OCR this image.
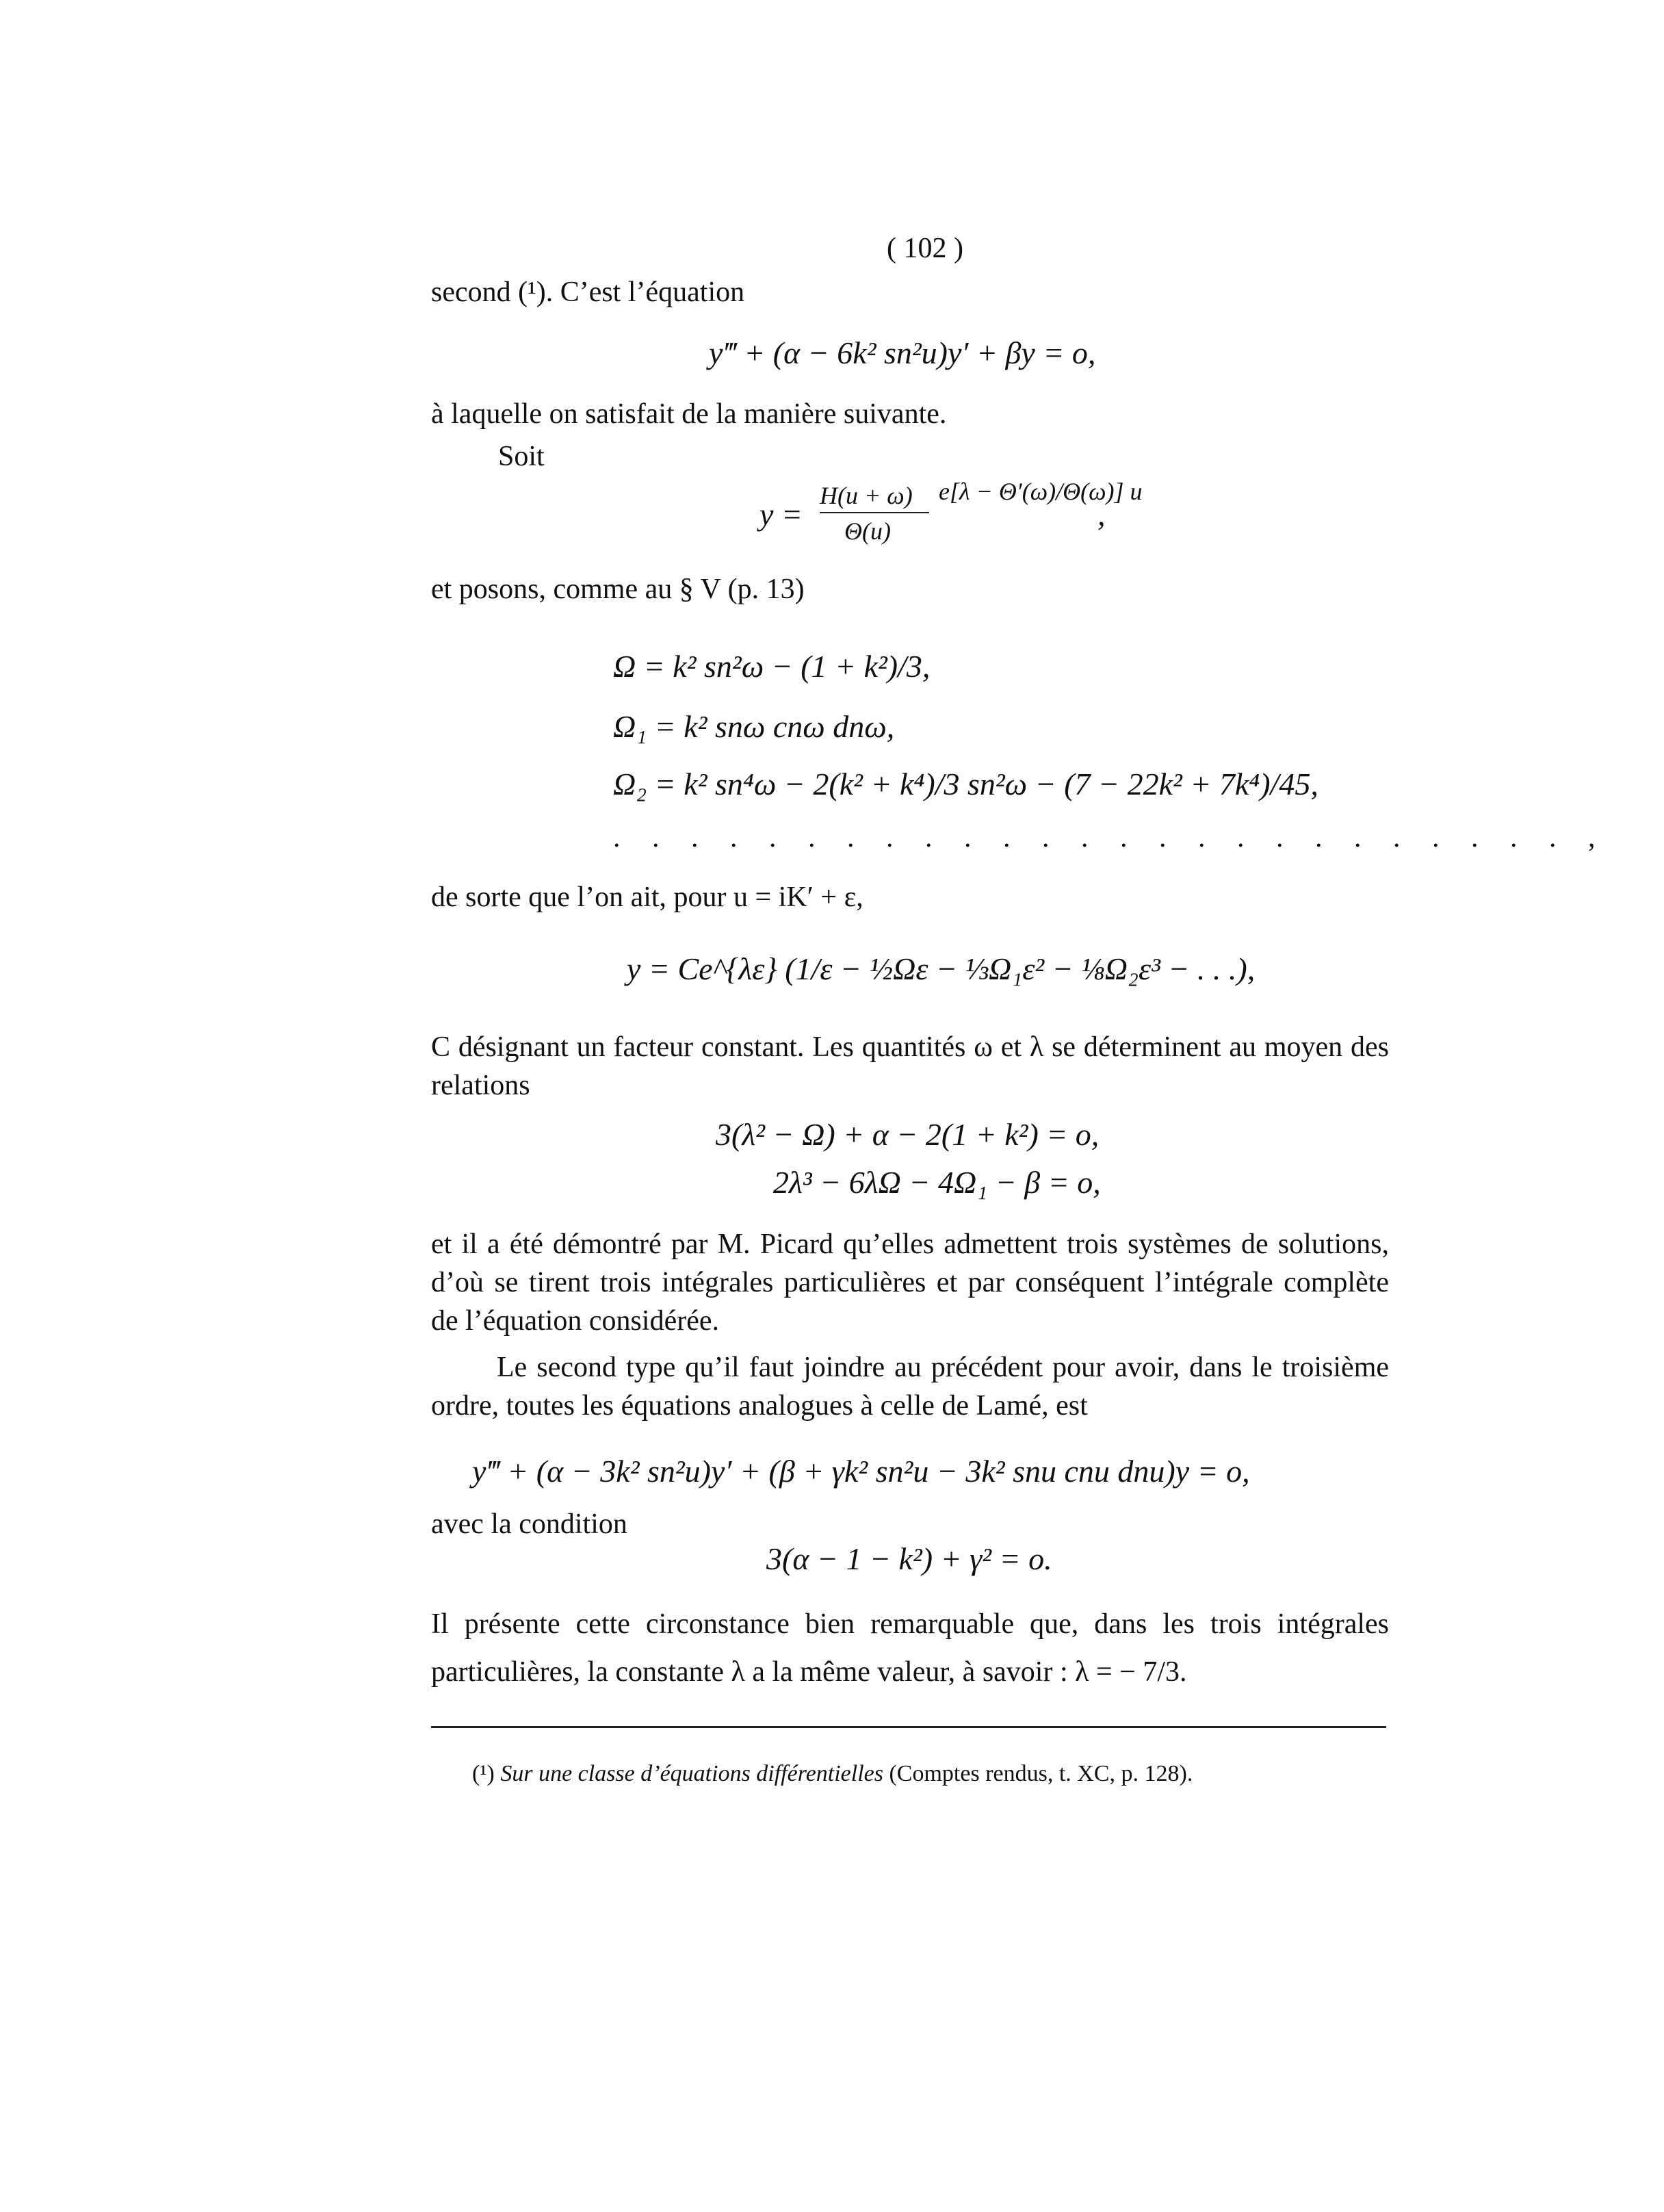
( 102 )
second (¹). C’est l’équation
y‴ + (α − 6k² sn²u)y′ + βy = o,
à laquelle on satisfait de la manière suivante.
Soit
y =
H(u + ω)
Θ(u)
e[λ − Θ′(ω)/Θ(ω)] u
,
et posons, comme au § V (p. 13)
Ω = k² sn²ω − (1 + k²)/3,
Ω₁ = k² snω cnω dnω,
Ω₂ = k² sn⁴ω − 2(k² + k⁴)/3 sn²ω − (7 − 22k² + 7k⁴)/45,
. . . . . . . . . . . . . . . . . . . . . . . . . ,
de sorte que l’on ait, pour u = iK′ + ε,
y = Ce^{λε} (1/ε − ½Ωε − ⅓Ω₁ε² − ⅛Ω₂ε³ − . . .),
C désignant un facteur constant. Les quantités ω et λ se déterminent au moyen des relations
3(λ² − Ω) + α − 2(1 + k²) = o,
2λ³ − 6λΩ − 4Ω₁ − β = o,
et il a été démontré par M. Picard qu’elles admettent trois systèmes de solutions, d’où se tirent trois intégrales particulières et par conséquent l’intégrale complète de l’équation considérée.
Le second type qu’il faut joindre au précédent pour avoir, dans le troisième ordre, toutes les équations analogues à celle de Lamé, est
y‴ + (α − 3k² sn²u)y′ + (β + γk² sn²u − 3k² snu cnu dnu)y = o,
avec la condition
3(α − 1 − k²) + γ² = o.
Il présente cette circonstance bien remarquable que, dans les trois intégrales particulières, la constante λ a la même valeur, à savoir : λ = − 7/3.
(¹) Sur une classe d’équations différentielles (Comptes rendus, t. XC, p. 128).
